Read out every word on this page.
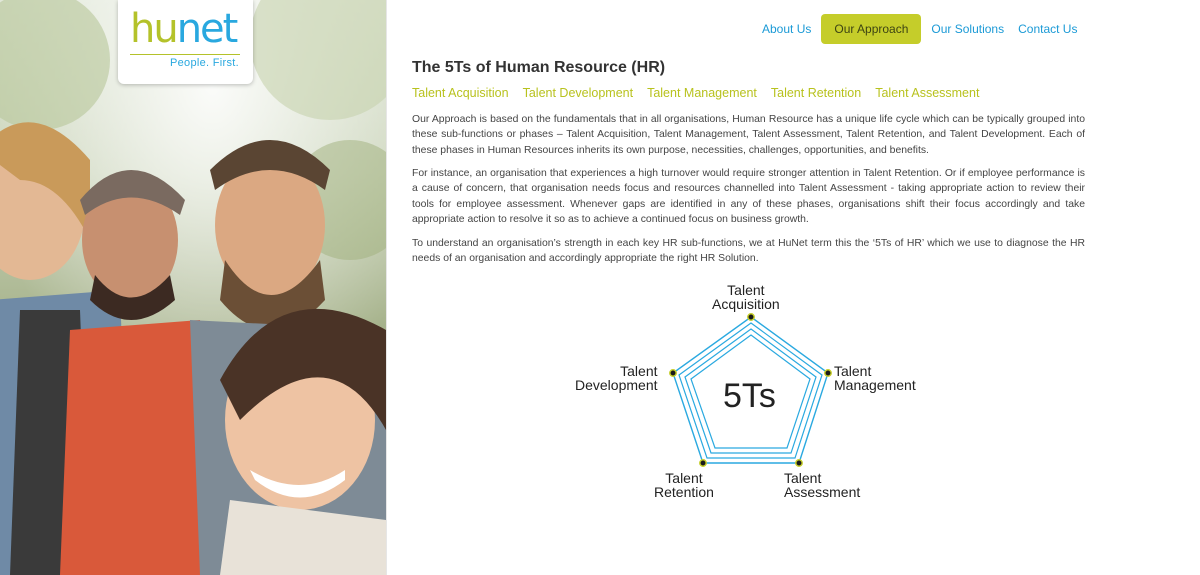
hunet
People. First.
About Us	Our Approach	Our Solutions	Contact Us
The 5Ts of Human Resource (HR)
Talent Acquisition Talent Development Talent Management Talent Retention Talent Assessment

Our Approach is based on the fundamentals that in all organisations, Human Resource has a unique life cycle which can be typically grouped into these sub-functions or phases – Talent Acquisition, Talent Management, Talent Assessment, Talent Retention, and Talent Development. Each of these phases in Human Resources inherits its own purpose, necessities, challenges, opportunities, and benefits.

For instance, an organisation that experiences a high turnover would require stronger attention in Talent Retention. Or if employee performance is a cause of concern, that organisation needs focus and resources channelled into Talent Assessment - taking appropriate action to review their tools for employee assessment. Whenever gaps are identified in any of these phases, organisations shift their focus accordingly and take appropriate action to resolve it so as to achieve a continued focus on business growth.

To understand an organisation’s strength in each key HR sub-functions, we at HuNet term this the ‘5Ts of HR’ which we use to diagnose the HR needs of an organisation and accordingly appropriate the right HR Solution.

5Ts
Talent
Acquisition
Talent
Management
Talent
Assessment
Talent
Retention
Talent
Development
